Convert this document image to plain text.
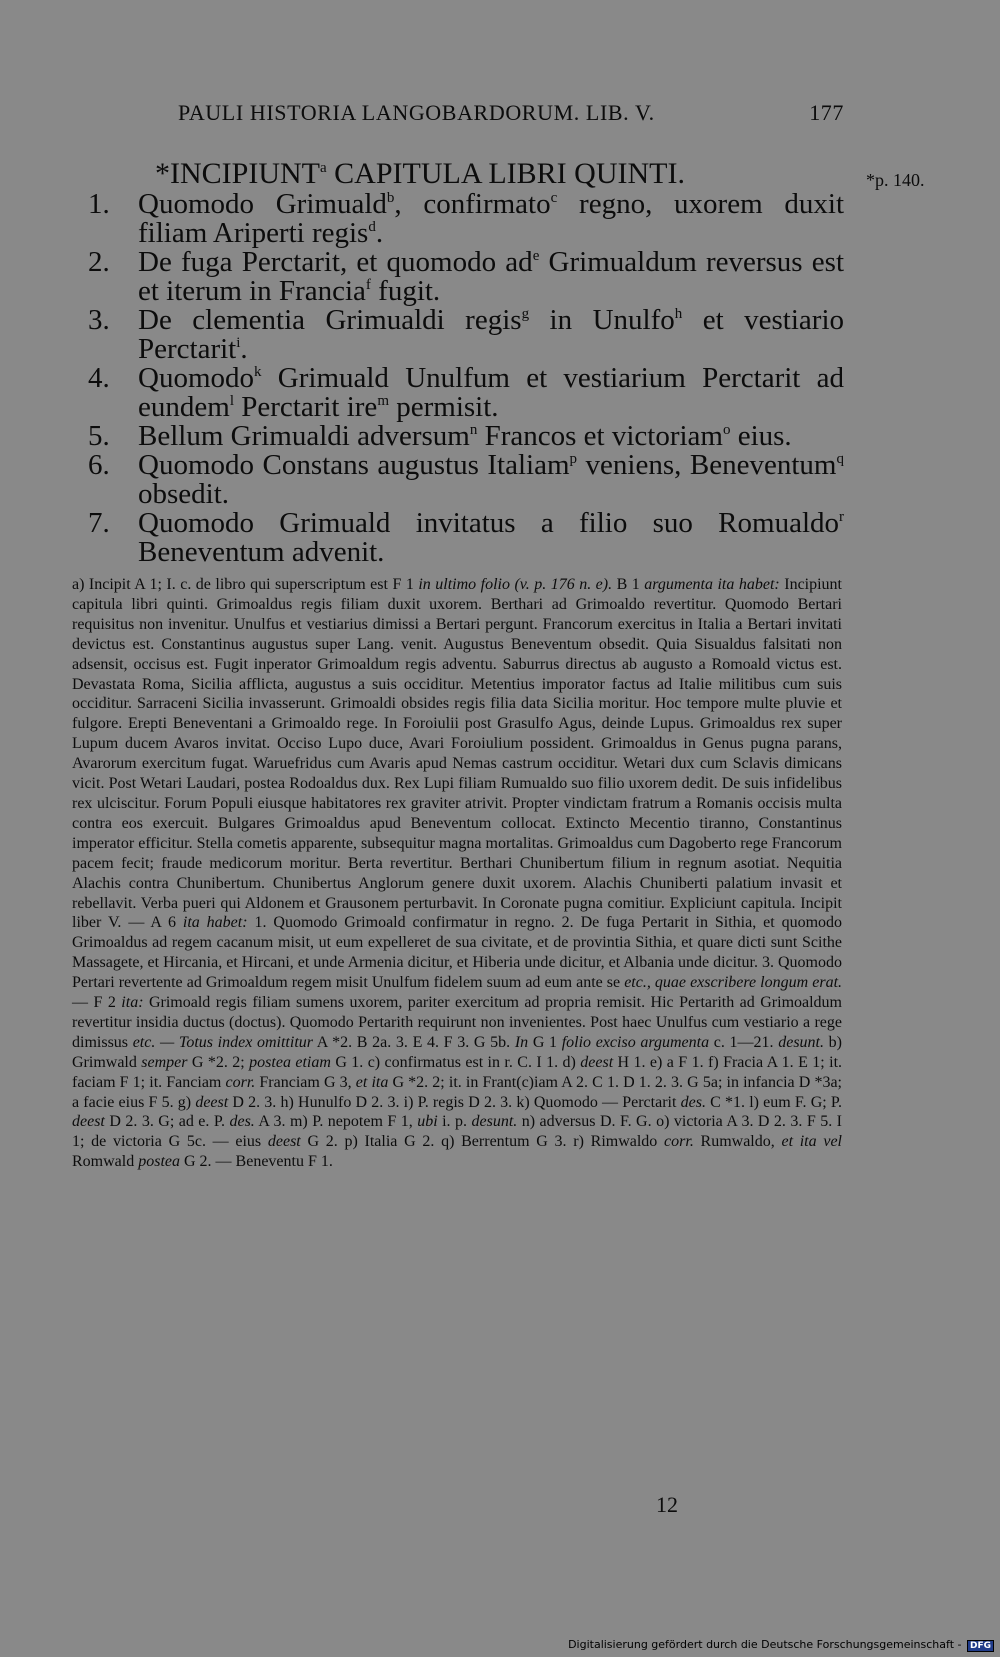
PAULI HISTORIA LANGOBARDORUM. LIB. V.	177
*INCIPIUNT$^a$ CAPITULA LIBRI QUINTI.	*p. 140.

1. Quomodo Grimuald$^b$, confirmato$^c$ regno, uxorem duxit filiam Ariperti regis$^d$.

2. De fuga Perctarit, et quomodo $ad^e$ Grimualdum reversus est et iterum in Francia$^f$ fugit.

3. De clementia Grimualdi regis$^g$ in Unulfo$^h$ et vestiario Perctarit$^i$.

4. Quomodo$^k$ Grimuald Unulfum et vestiarium Perctarit ad eundem$^l$ Perctarit ire$^m$ permisit.

5. Bellum Grimualdi adversum$^n$ Francos et victoriam$^o$ eius.

6. Quomodo Constans augustus Italiam$^p$ veniens, Beneventum$^q$ obsedit.

7. Quomodo Grimuald invitatus a filio suo Romualdo$^r$ Beneventum advenit.

a) Incipit A 1; I. c. de libro qui superscriptum est F 1 in ultimo folio (v. p. 176 n. e). B 1 argumenta ita habet: Incipiunt capitula libri quinti. Grimoaldus regis filiam duxit uxorem. Berthari ad Grimoaldo revertitur. Quomodo Bertari requisitus non invenitur. Unulfus et vestiarius dimissi a Bertari pergunt. Francorum exercitus in Italia a Bertari invitati devictus est. Constantinus augustus super Lang. venit. Augustus Beneventum obsedit. Quia Sisualdus falsitati non adsensit, occisus est. Fugit inperator Grimoaldum regis adventu. Saburrus directus ab augusto a Romoald victus est. Devastata Roma, Sicilia afflicta, augustus a suis occiditur. Metentius imporator factus ad Italie militibus cum suis occiditur. Sarraceni Sicilia invasserunt. Grimoaldi obsides regis filia data Sicilia moritur. Hoc tempore multe pluvie et fulgore. Erepti Beneventani a Grimoaldo rege. In Foroiulii post Grasulfo Agus, deinde Lupus. Grimoaldus rex super Lupum ducem Avaros invitat. Occiso Lupo duce, Avari Foroiulium possident. Grimoaldus in Genus pugna parans, Avarorum exercitum fugat. Waruefridus cum Avaris apud Nemas castrum occiditur. Wetari dux cum Sclavis dimicans vicit. Post Wetari Laudari, postea Rodoaldus dux. Rex Lupi filiam Rumualdo suo filio uxorem dedit. De suis infidelibus rex ulciscitur. Forum Populi eiusque habitatores rex graviter atrivit. Propter vindictam fratrum a Romanis occisis multa contra eos exercuit. Bulgares Grimoaldus apud Beneventum collocat. Extincto Mecentio tiranno, Constantinus imperator efficitur. Stella cometis apparente, subsequitur magna mortalitas. Grimoaldus cum Dagoberto rege Francorum pacem fecit; fraude medicorum moritur. Berta revertitur. Berthari Chunibertum filium in regnum asotiat. Nequitia Alachis contra Chunibertum. Chunibertus Anglorum genere duxit uxorem. Alachis Chuniberti palatium invasit et rebellavit. Verba pueri qui Aldonem et Grausonem perturbavit. In Coronate pugna comitiur. Expliciunt capitula. Incipit liber V. — A 6 ita habet: 1. Quomodo Grimoald confirmatur in regno. 2. De fuga Pertarit in Sithia, et quomodo Grimoaldus ad regem cacanum misit, ut eum expelleret de sua civitate, et de provintia Sithia, et quare dicti sunt Scithe Massagete, et Hircania, et Hircani, et unde Armenia dicitur, et Hiberia unde dicitur, et Albania unde dicitur. 3. Quomodo Pertari revertente ad Grimoaldum regem misit Unulfum fidelem suum ad eum ante se etc., quae exscribere longum erat. — F 2 ita: Grimoald regis filiam sumens uxorem, pariter exercitum ad propria remisit. Hic Pertarith ad Grimoaldum revertitur insidia ductus (doctus). Quomodo Pertarith requirunt non invenientes. Post haec Unulfus cum vestiario a rege dimissus etc. — Totus index omittitur A *2. B 2a. 3. E 4. F 3. G 5b. In G 1 folio exciso argumenta c. 1—21. desunt. b) Grimwald semper G *2. 2; postea etiam G 1. c) confirmatus est in r. C. I 1. d) deest H 1. e) a F 1. f) Fracia A 1. E 1; it. faciam F 1; it. Fanciam corr. Franciam G 3, et ita G *2. 2; it. in Frant(c)iam A 2. C 1. D 1. 2. 3. G 5a; in infancia D *3a; a facie eius F 5. g) deest D 2. 3. h) Hunulfo D 2. 3. i) P. regis D 2. 3. k) Quomodo — Perctarit des. C *1. l) eum F. G; P. deest D 2. 3. G; ad e. P. des. A 3. m) P. nepotem F 1, ubi i. p. desunt. n) adversus D. F. G. o) victoria A 3. D 2. 3. F 5. I 1; de victoria G 5c. — eius deest G 2. p) Italia G 2. q) Berrentum G 3. r) Rimwaldo corr. Rumwaldo, et ita vel Romwald postea G 2. — Beneventu F 1.

12
Digitalisierung gefördert durch die Deutsche Forschungsgemeinschaft - DFG
